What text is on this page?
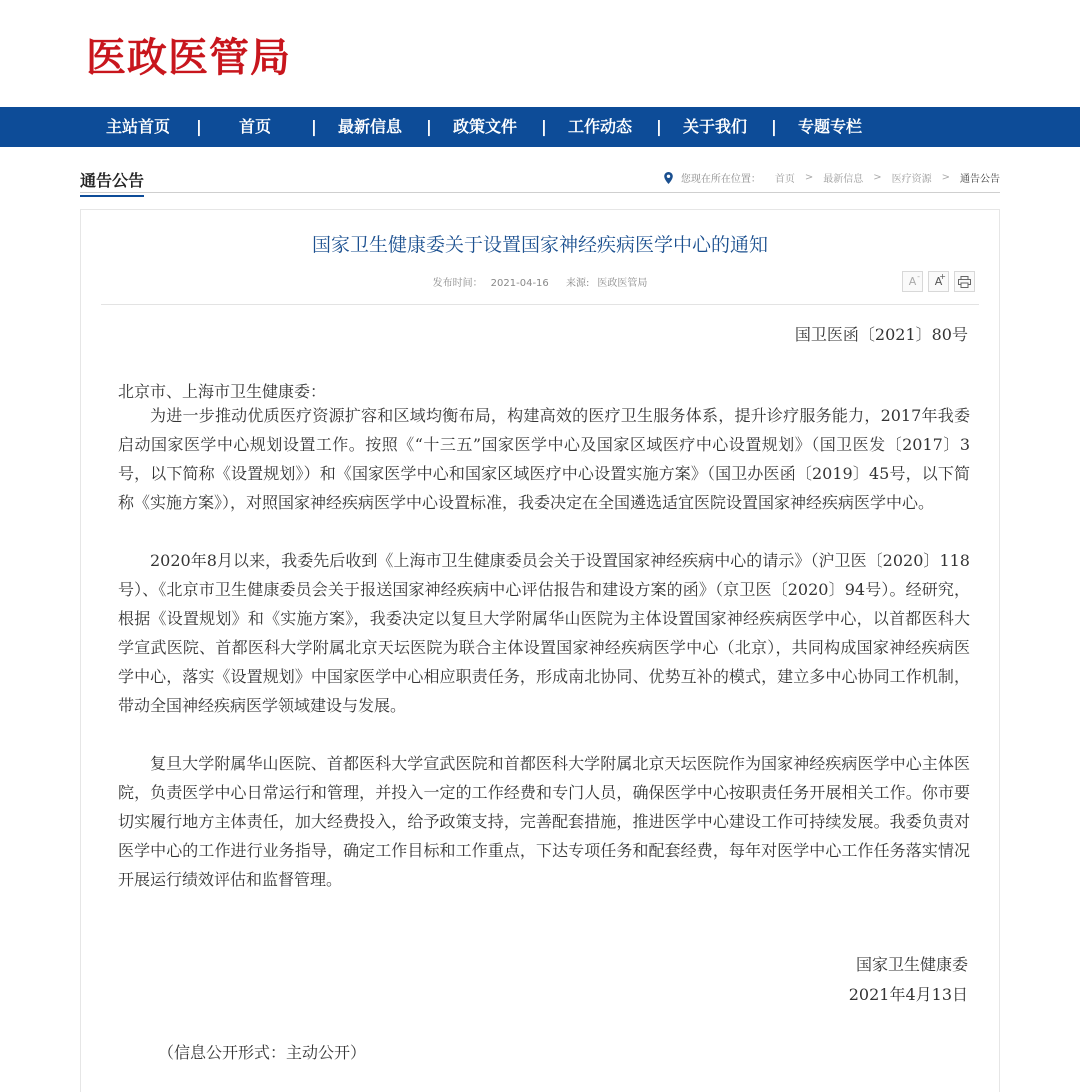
医政医管局
主站首页 | 首页 | 最新信息 | 政策文件 | 工作动态 | 关于我们 | 专题专栏
通告公告	您现在所在位置： 首页 > 最新信息 > 医疗资源 > 通告公告
国家卫生健康委关于设置国家神经疾病医学中心的通知
发布时间： 2021-04-16 来源: 医政医管局	A -	A
+
国卫医函〔2021〕80号
北京市、上海市卫生健康委：
为进一步推动优质医疗资源扩容和区域均衡布局，构建高效的医疗卫生服务体系，提升诊疗服务能力，2017年我委启动国家医学中心规划设置工作。按照《“十三五”国家医学中心及国家区域医疗中心设置规划》（国卫医发〔2017〕3号，以下简称《设置规划》）和《国家医学中心和国家区域医疗中心设置实施方案》（国卫办医函〔2019〕45号，以下简称《实施方案》），对照国家神经疾病医学中心设置标准，我委决定在全国遴选适宜医院设置国家神经疾病医学中心。
2020年8月以来，我委先后收到《上海市卫生健康委员会关于设置国家神经疾病中心的请示》（沪卫医〔2020〕118号）、《北京市卫生健康委员会关于报送国家神经疾病中心评估报告和建设方案的函》（京卫医〔2020〕94号）。经研究，根据《设置规划》和《实施方案》，我委决定以复旦大学附属华山医院为主体设置国家神经疾病医学中心，以首都医科大学宣武医院、首都医科大学附属北京天坛医院为联合主体设置国家神经疾病医学中心（北京），共同构成国家神经疾病医学中心，落实《设置规划》中国家医学中心相应职责任务，形成南北协同、优势互补的模式，建立多中心协同工作机制，带动全国神经疾病医学领域建设与发展。
复旦大学附属华山医院、首都医科大学宣武医院和首都医科大学附属北京天坛医院作为国家神经疾病医学中心主体医院，负责医学中心日常运行和管理，并投入一定的工作经费和专门人员，确保医学中心按职责任务开展相关工作。你市要切实履行地方主体责任，加大经费投入，给予政策支持，完善配套措施，推进医学中心建设工作可持续发展。我委负责对医学中心的工作进行业务指导，确定工作目标和工作重点，下达专项任务和配套经费，每年对医学中心工作任务落实情况开展运行绩效评估和监督管理。
国家卫生健康委
2021年4月13日
（信息公开形式：主动公开）
